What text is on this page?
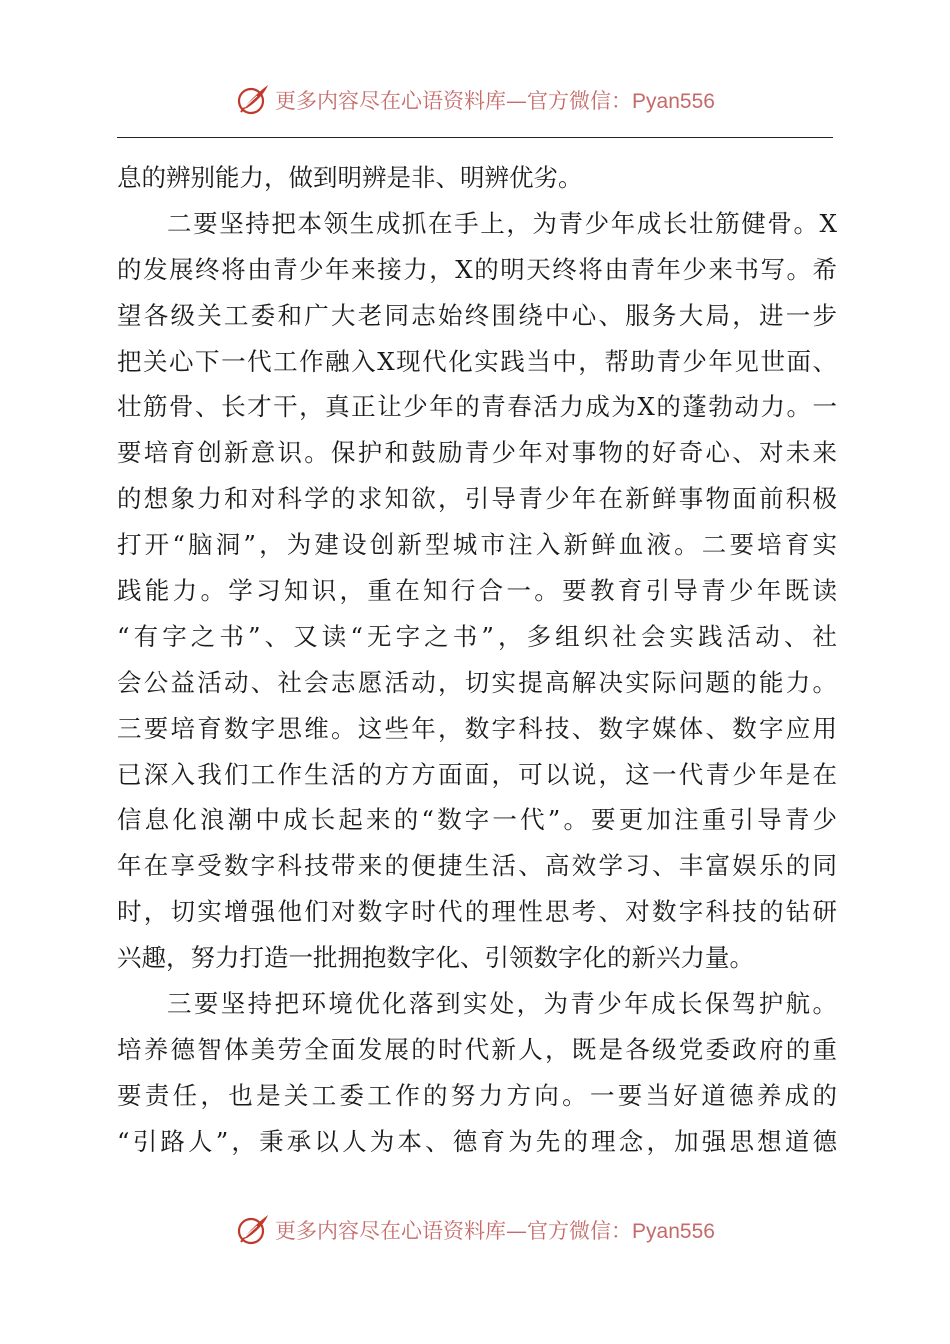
更多内容尽在心语资料库—官方微信：Pyan556
息的辨别能力，做到明辨是非、明辨优劣。
二要坚持把本领生成抓在手上，为青少年成长壮筋健骨。X
的发展终将由青少年来接力，X的明天终将由青年少来书写。希
望各级关工委和广大老同志始终围绕中心、服务大局，进一步
把关心下一代工作融入X现代化实践当中，帮助青少年见世面、
壮筋骨、长才干，真正让少年的青春活力成为X的蓬勃动力。一
要培育创新意识。保护和鼓励青少年对事物的好奇心、对未来
的想象力和对科学的求知欲，引导青少年在新鲜事物面前积极
打开“脑洞”，为建设创新型城市注入新鲜血液。二要培育实
践能力。学习知识，重在知行合一。要教育引导青少年既读
“有字之书”、又读“无字之书”，多组织社会实践活动、社
会公益活动、社会志愿活动，切实提高解决实际问题的能力。
三要培育数字思维。这些年，数字科技、数字媒体、数字应用
已深入我们工作生活的方方面面，可以说，这一代青少年是在
信息化浪潮中成长起来的“数字一代”。要更加注重引导青少
年在享受数字科技带来的便捷生活、高效学习、丰富娱乐的同
时，切实增强他们对数字时代的理性思考、对数字科技的钻研
兴趣，努力打造一批拥抱数字化、引领数字化的新兴力量。
三要坚持把环境优化落到实处，为青少年成长保驾护航。
培养德智体美劳全面发展的时代新人，既是各级党委政府的重
要责任，也是关工委工作的努力方向。一要当好道德养成的
“引路人”，秉承以人为本、德育为先的理念，加强思想道德
更多内容尽在心语资料库—官方微信：Pyan556
